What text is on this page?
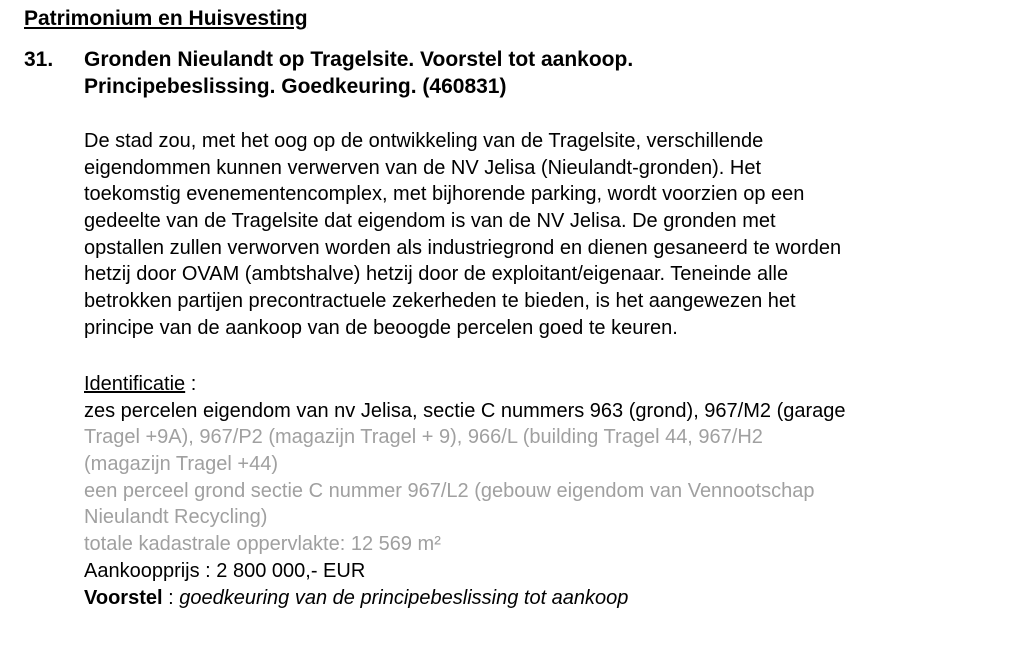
Patrimonium en Huisvesting
31. Gronden Nieulandt op Tragelsite. Voorstel tot aankoop.
Principebeslissing. Goedkeuring. (460831)
De stad zou, met het oog op de ontwikkeling van de Tragelsite, verschillende
eigendommen kunnen verwerven van de NV Jelisa (Nieulandt-gronden). Het
toekomstig evenementencomplex, met bijhorende parking, wordt voorzien op een
gedeelte van de Tragelsite dat eigendom is van de NV Jelisa. De gronden met
opstallen zullen verworven worden als industriegrond en dienen gesaneerd te worden
hetzij door OVAM (ambtshalve) hetzij door de exploitant/eigenaar. Teneinde alle
betrokken partijen precontractuele zekerheden te bieden, is het aangewezen het
principe van de aankoop van de beoogde percelen goed te keuren.
Identificatie :
zes percelen eigendom van nv Jelisa, sectie C nummers 963 (grond), 967/M2 (garage
Tragel +9A), 967/P2 (magazijn Tragel + 9), 966/L (building Tragel 44, 967/H2
(magazijn Tragel +44)
een perceel grond sectie C nummer 967/L2 (gebouw eigendom van Vennootschap
Nieulandt Recycling)
totale kadastrale oppervlakte: 12 569 m²
Aankoopprijs : 2 800 000,- EUR
Voorstel : goedkeuring van de principebeslissing tot aankoop
